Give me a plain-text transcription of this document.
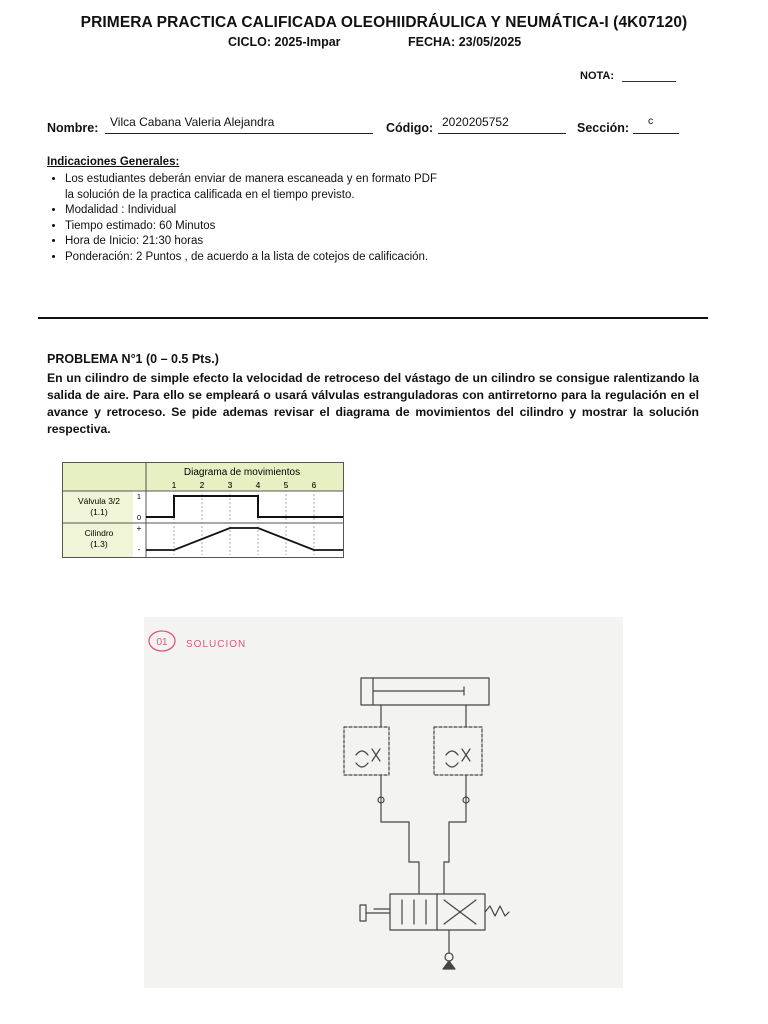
PRIMERA PRACTICA CALIFICADA OLEOHIIDRÁULICA Y NEUMÁTICA-I (4K07120)
CICLO: 2025-Impar	FECHA: 23/05/2025
NOTA:
Nombre: Vilca Cabana Valeria Alejandra	Código: 2020205752	Sección: c
Indicaciones Generales:
• Los estudiantes deberán enviar de manera escaneada y en formato PDF la solución de la practica calificada en el tiempo previsto.
• Modalidad : Individual
• Tiempo estimado: 60 Minutos
• Hora de Inicio: 21:30 horas
• Ponderación: 2 Puntos , de acuerdo a la lista de cotejos de calificación.
PROBLEMA N°1 (0 – 0.5 Pts.)
En un cilindro de simple efecto la velocidad de retroceso del vástago de un cilindro se consigue ralentizando la salida de aire. Para ello se empleará o usará válvulas estranguladoras con antirretorno para la regulación en el avance y retroceso. Se pide ademas revisar el diagrama de movimientos del cilindro y mostrar la solución respectiva.
Diagrama de movimientos
1	2	3	4	5	6
Válvula 3/2
(1.1)
1
0
Cilindro
(1.3)
+
-
01 SOLUCION
